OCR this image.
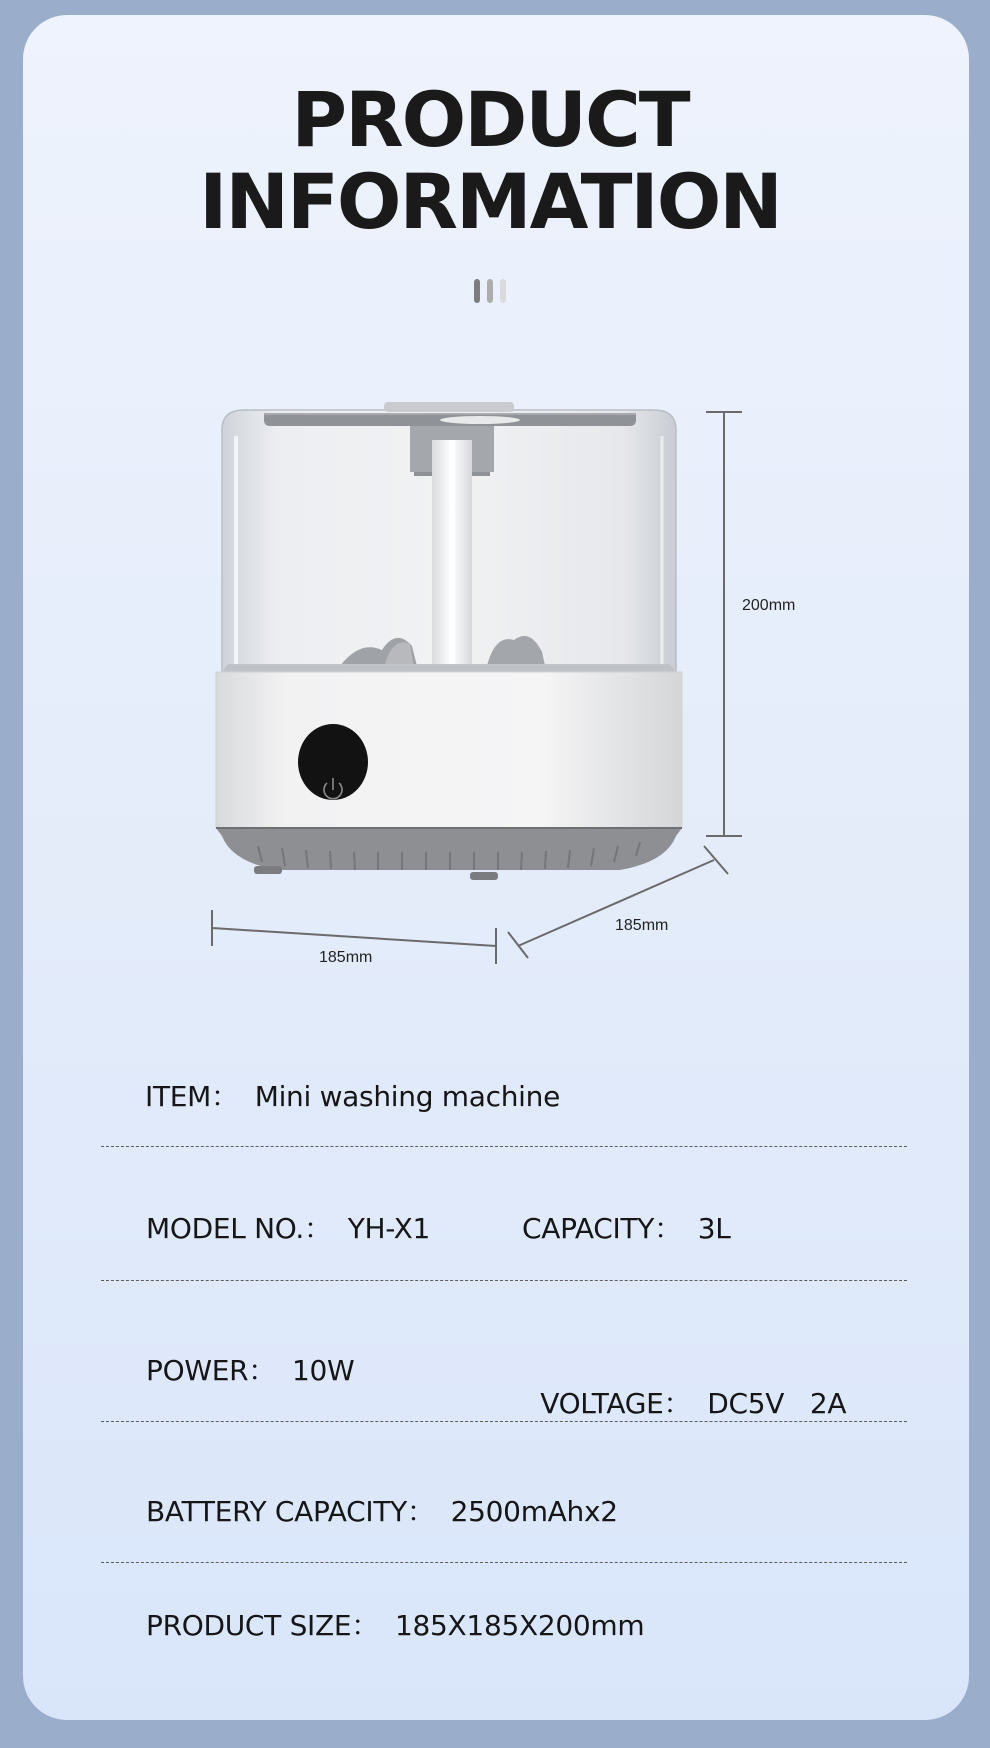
PRODUCT
INFORMATION
200mm
185mm
185mm
ITEM： Mini washing machine
MODEL NO.： YH-X1	CAPACITY： 3L
POWER： 10W

VOLTAGE： DC5V   2A

BATTERY CAPACITY： 2500mAhx2
PRODUCT SIZE： 185X185X200mm
